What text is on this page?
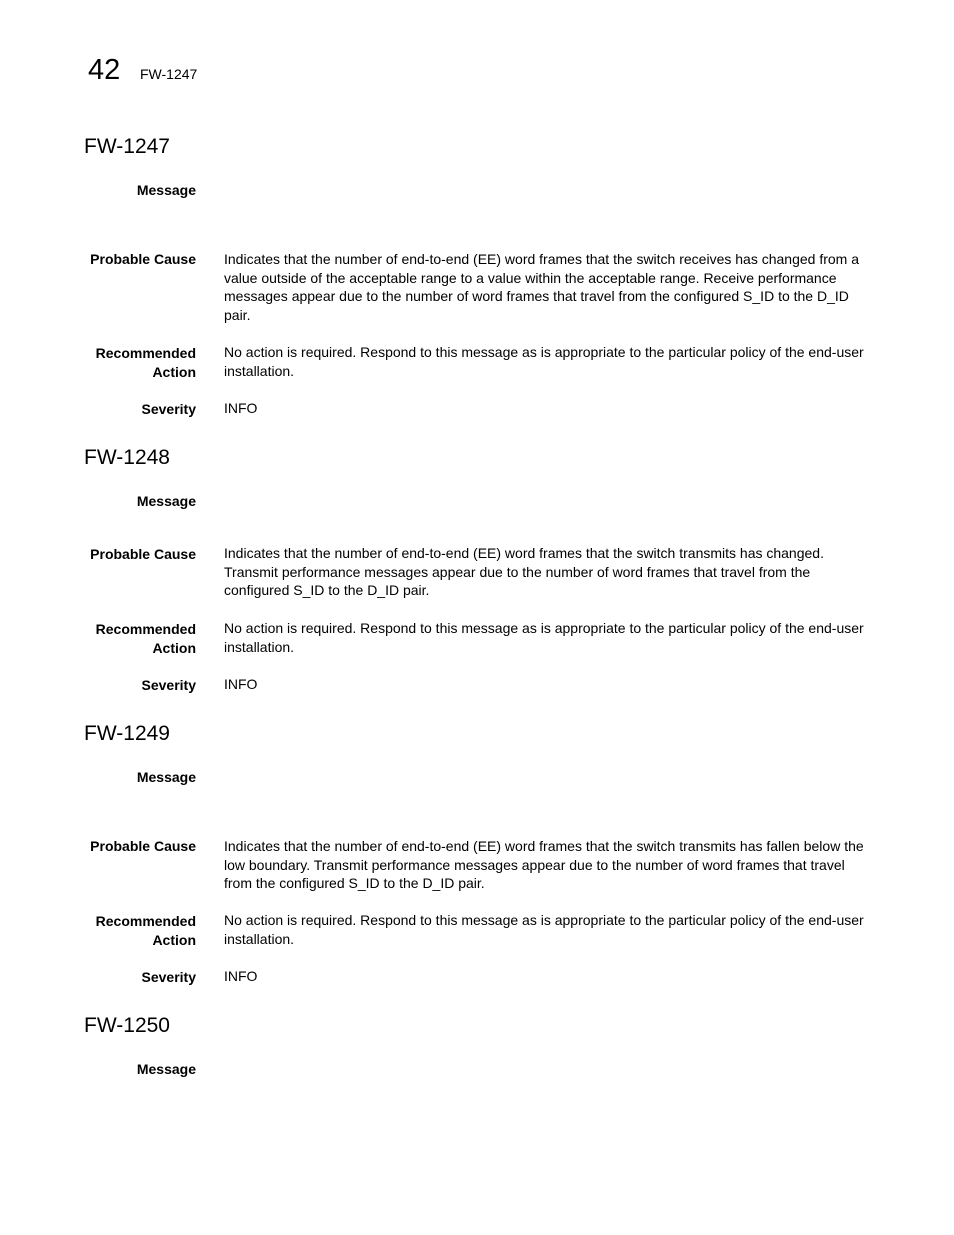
42 FW-1247
FW-1247
Message
Probable Cause Indicates that the number of end-to-end (EE) word frames that the switch receives has changed from a value outside of the acceptable range to a value within the acceptable range. Receive performance messages appear due to the number of word frames that travel from the configured S_ID to the D_ID pair.
Recommended
Action
No action is required. Respond to this message as is appropriate to the particular policy of the end-user installation.
Severity INFO
FW-1248
Message
Probable Cause Indicates that the number of end-to-end (EE) word frames that the switch transmits has changed. Transmit performance messages appear due to the number of word frames that travel from the configured S_ID to the D_ID pair.
Recommended
Action
No action is required. Respond to this message as is appropriate to the particular policy of the end-user installation.
Severity INFO
FW-1249
Message
Probable Cause Indicates that the number of end-to-end (EE) word frames that the switch transmits has fallen below the low boundary. Transmit performance messages appear due to the number of word frames that travel from the configured S_ID to the D_ID pair.
Recommended
Action
No action is required. Respond to this message as is appropriate to the particular policy of the end-user installation.
Severity INFO
FW-1250
Message
